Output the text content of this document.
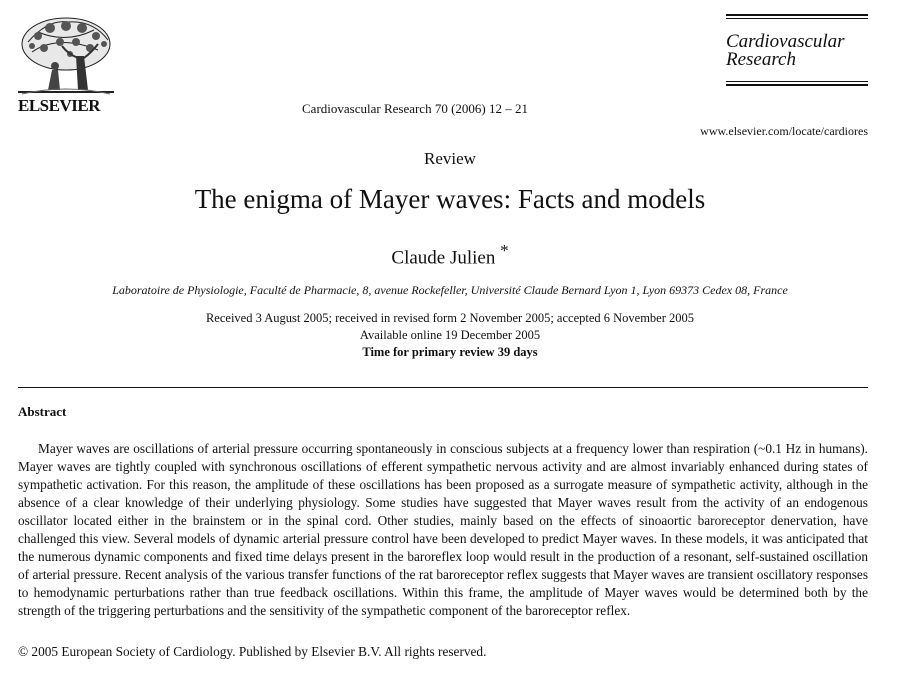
ELSEVIER	Cardiovascular Research 70 (2006) 12 – 21
Cardiovascular
Research
www.elsevier.com/locate/cardiores
Review
The enigma of Mayer waves: Facts and models
Claude Julien *
Laboratoire de Physiologie, Faculté de Pharmacie, 8, avenue Rockefeller, Université Claude Bernard Lyon 1, Lyon 69373 Cedex 08, France
Received 3 August 2005; received in revised form 2 November 2005; accepted 6 November 2005
Available online 19 December 2005
Time for primary review 39 days
Abstract

Mayer waves are oscillations of arterial pressure occurring spontaneously in conscious subjects at a frequency lower than respiration (~0.1 Hz in humans). Mayer waves are tightly coupled with synchronous oscillations of efferent sympathetic nervous activity and are almost invariably enhanced during states of sympathetic activation. For this reason, the amplitude of these oscillations has been proposed as a surrogate measure of sympathetic activity, although in the absence of a clear knowledge of their underlying physiology. Some studies have suggested that Mayer waves result from the activity of an endogenous oscillator located either in the brainstem or in the spinal cord. Other studies, mainly based on the effects of sinoaortic baroreceptor denervation, have challenged this view. Several models of dynamic arterial pressure control have been developed to predict Mayer waves. In these models, it was anticipated that the numerous dynamic components and fixed time delays present in the baroreflex loop would result in the production of a resonant, self-sustained oscillation of arterial pressure. Recent analysis of the various transfer functions of the rat baroreceptor reflex suggests that Mayer waves are transient oscillatory responses to hemodynamic perturbations rather than true feedback oscillations. Within this frame, the amplitude of Mayer waves would be determined both by the strength of the triggering perturbations and the sensitivity of the sympathetic component of the baroreceptor reflex.

© 2005 European Society of Cardiology. Published by Elsevier B.V. All rights reserved.
